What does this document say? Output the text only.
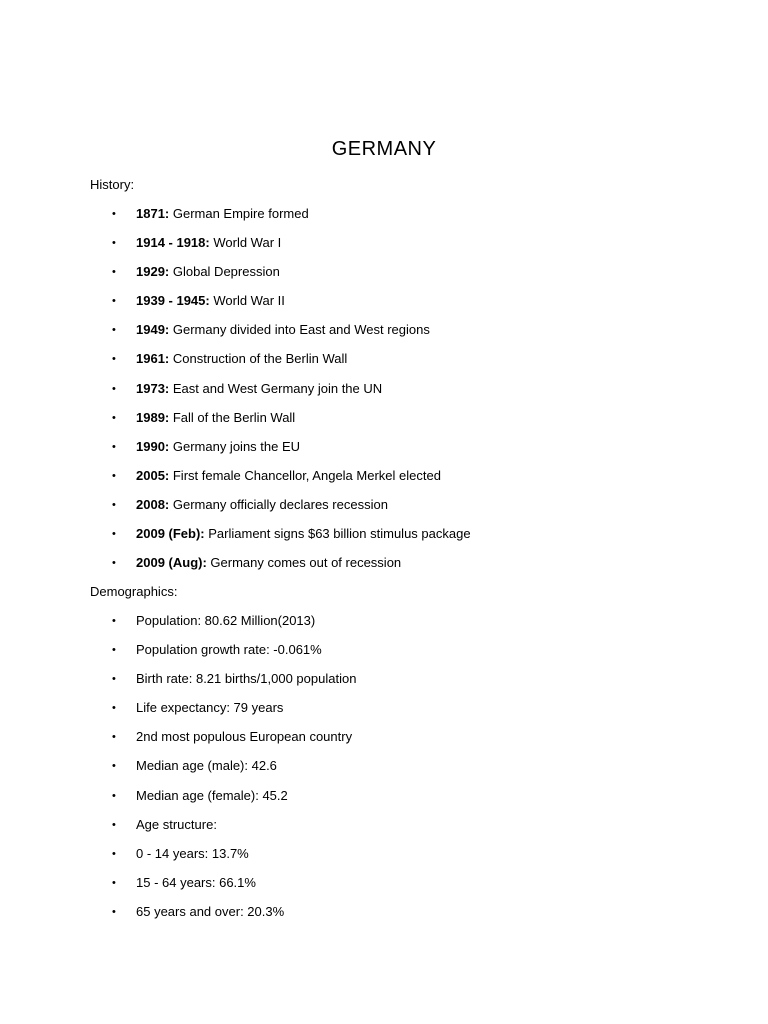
GERMANY
History:
• 1871: German Empire formed
• 1914 - 1918: World War I
• 1929: Global Depression
• 1939 - 1945: World War II
• 1949: Germany divided into East and West regions
• 1961: Construction of the Berlin Wall
• 1973: East and West Germany join the UN
• 1989: Fall of the Berlin Wall
• 1990: Germany joins the EU
• 2005: First female Chancellor, Angela Merkel elected
• 2008: Germany officially declares recession
• 2009 (Feb): Parliament signs $63 billion stimulus package
• 2009 (Aug): Germany comes out of recession
Demographics:
• Population: 80.62 Million(2013)
• Population growth rate: -0.061%
• Birth rate: 8.21 births/1,000 population
• Life expectancy: 79 years
• 2nd most populous European country
• Median age (male): 42.6
• Median age (female): 45.2
• Age structure:
• 0 - 14 years: 13.7%
• 15 - 64 years: 66.1%
• 65 years and over: 20.3%
